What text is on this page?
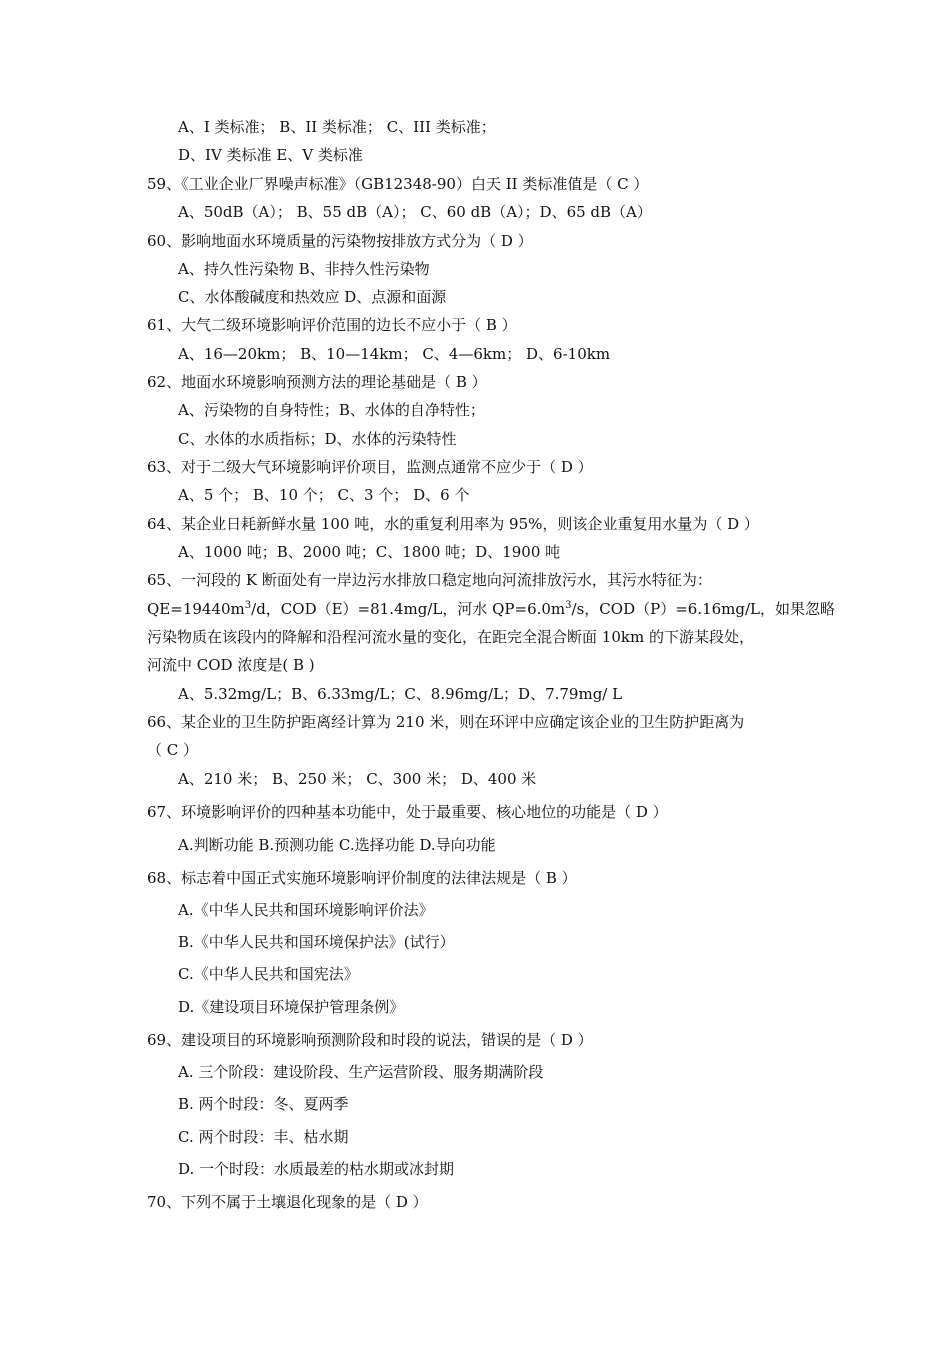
A、I 类标准； B、II 类标准； C、III 类标准；
D、IV 类标准 E、V 类标准
59、《工业企业厂界噪声标准》（GB12348-90）白天 II 类标准值是（ C ）
A、50dB（A）； B、55 dB（A）； C、60 dB（A）；D、65 dB（A）
60、影响地面水环境质量的污染物按排放方式分为（ D ）
A、持久性污染物 B、非持久性污染物
C、水体酸碱度和热效应 D、点源和面源
61、大气二级环境影响评价范围的边长不应小于（ B ）
A、16—20km； B、10—14km； C、4—6km； D、6-10km
62、地面水环境影响预测方法的理论基础是（ B ）
A、污染物的自身特性；B、水体的自净特性；
C、水体的水质指标；D、水体的污染特性
63、对于二级大气环境影响评价项目，监测点通常不应少于（ D ）
A、5 个； B、10 个； C、3 个； D、6 个
64、某企业日耗新鲜水量 100 吨，水的重复利用率为 95%，则该企业重复用水量为（ D ）
A、1000 吨；B、2000 吨；C、1800 吨；D、1900 吨
65、一河段的 K 断面处有一岸边污水排放口稳定地向河流排放污水，其污水特征为：
$QE=19440m^3/d$，COD（E）=81.4mg/L，河水 $QP=6.0m^3/s$，COD（P）=6.16mg/L，如果忽略
污染物质在该段内的降解和沿程河流水量的变化，在距完全混合断面 10km 的下游某段处，
河流中 COD 浓度是( B )
A、5.32mg/L；B、6.33mg/L；C、8.96mg/L；D、7.79mg/ L
66、某企业的卫生防护距离经计算为 210 米，则在环评中应确定该企业的卫生防护距离为
（ C ）
A、210 米； B、250 米； C、300 米； D、400 米
67、环境影响评价的四种基本功能中，处于最重要、核心地位的功能是（ D ）
A.判断功能 B.预测功能 C.选择功能 D.导向功能
68、标志着中国正式实施环境影响评价制度的法律法规是（ B ）
A.《中华人民共和国环境影响评价法》
B.《中华人民共和国环境保护法》(试行）
C.《中华人民共和国宪法》
D.《建设项目环境保护管理条例》
69、建设项目的环境影响预测阶段和时段的说法，错误的是（ D ）
A. 三个阶段：建设阶段、生产运营阶段、服务期满阶段
B. 两个时段：冬、夏两季
C. 两个时段：丰、枯水期
D. 一个时段：水质最差的枯水期或冰封期
70、下列不属于土壤退化现象的是（ D ）
